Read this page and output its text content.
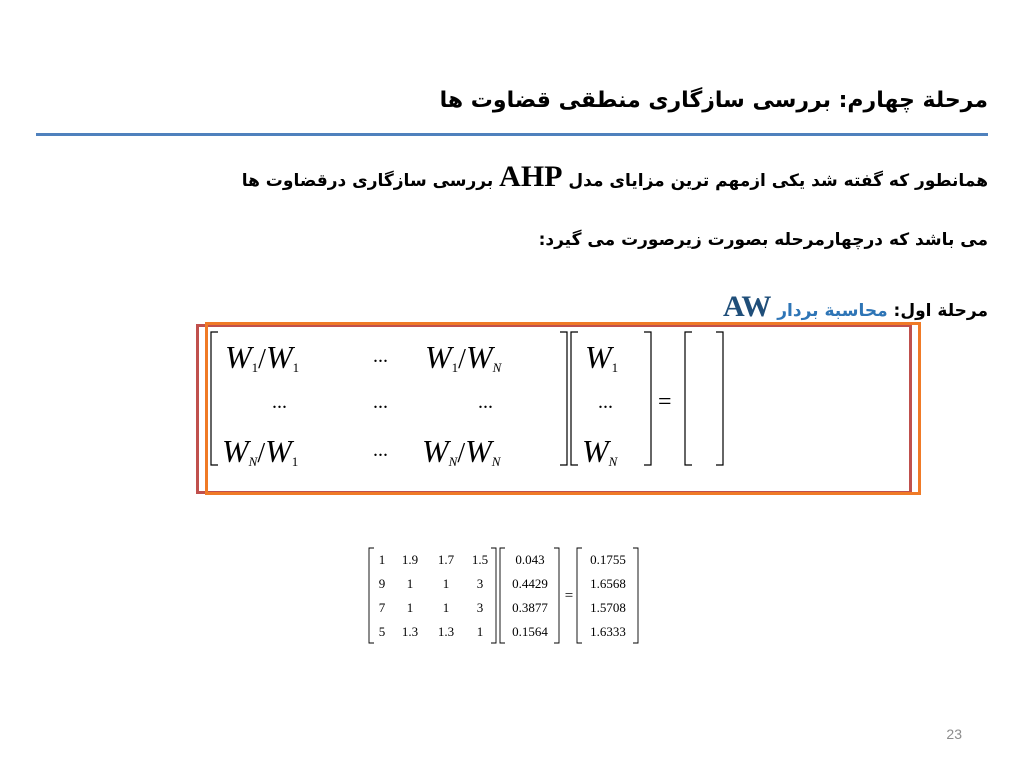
مرحلة چهارم: بررسی سازگاری منطقی قضاوت ها
همانطور که گفته شد یکی ازمهم ترین مزایای مدل AHP بررسی سازگاری درقضاوت ها
می باشد که درچهارمرحله بصورت زیرصورت می گیرد:
مرحلة اول: محاسبة بردار AW
$W_1/W_1$
... $W_1/W_N$
...	...	...
$W_N/W_1$
... $W_N/W_N$
$W_1$
...
$W_N$
=
1 1.9 1.7 1.5
9 1 1 3
7 1 1 3
5 1.3 1.3 1
0.043
0.4429
0.3877
0.1564
=
0.1755
1.6568
1.5708
1.6333
23
